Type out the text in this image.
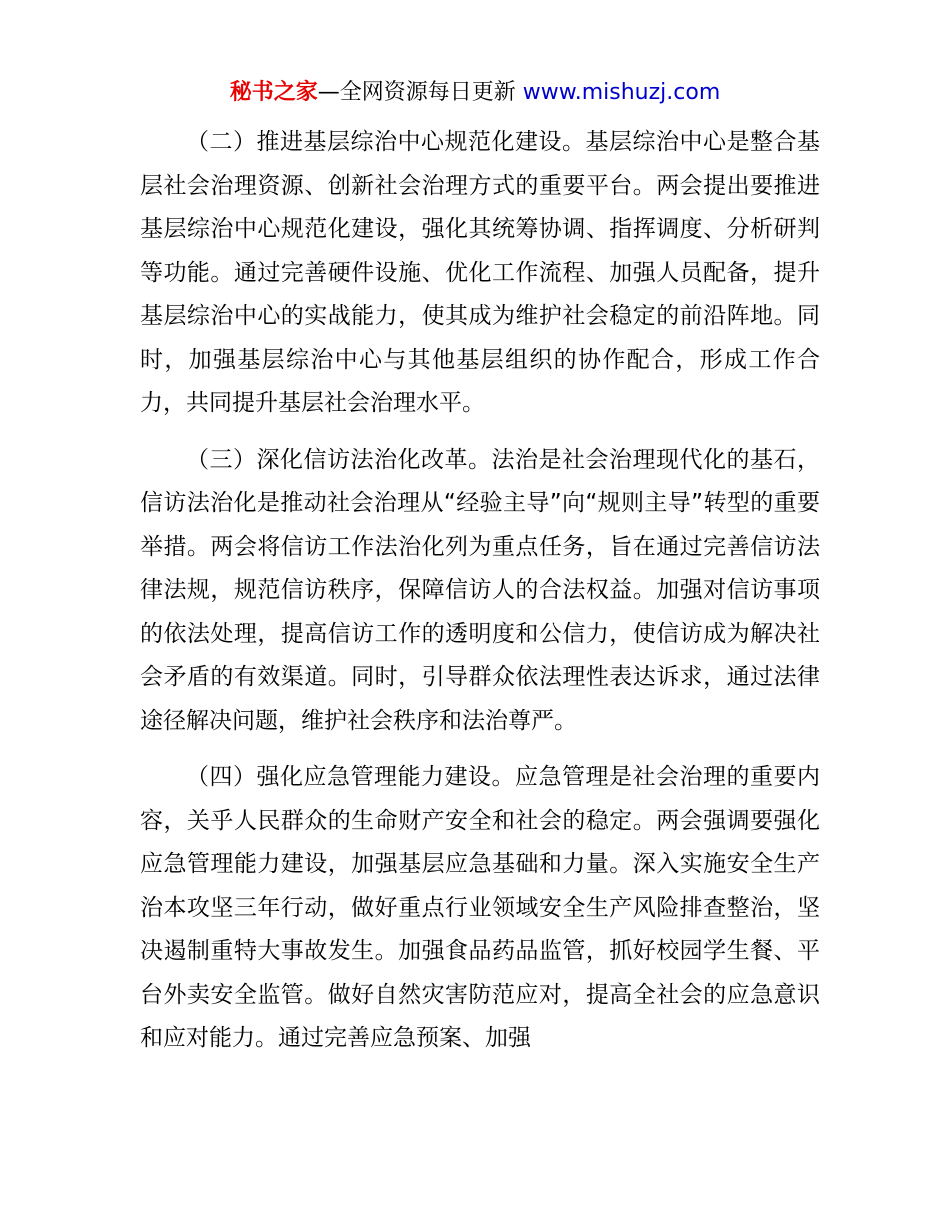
秘书之家—全网资源每日更新 www.mishuzj.com

（二）推进基层综治中心规范化建设。基层综治中心是整合基层社会治理资源、创新社会治理方式的重要平台。两会提出要推进基层综治中心规范化建设，强化其统筹协调、指挥调度、分析研判等功能。通过完善硬件设施、优化工作流程、加强人员配备，提升基层综治中心的实战能力，使其成为维护社会稳定的前沿阵地。同时，加强基层综治中心与其他基层组织的协作配合，形成工作合力，共同提升基层社会治理水平。

（三）深化信访法治化改革。法治是社会治理现代化的基石，信访法治化是推动社会治理从“经验主导”向“规则主导”转型的重要举措。两会将信访工作法治化列为重点任务，旨在通过完善信访法律法规，规范信访秩序，保障信访人的合法权益。加强对信访事项的依法处理，提高信访工作的透明度和公信力，使信访成为解决社会矛盾的有效渠道。同时，引导群众依法理性表达诉求，通过法律途径解决问题，维护社会秩序和法治尊严。

（四）强化应急管理能力建设。应急管理是社会治理的重要内容，关乎人民群众的生命财产安全和社会的稳定。两会强调要强化应急管理能力建设，加强基层应急基础和力量。深入实施安全生产治本攻坚三年行动，做好重点行业领域安全生产风险排查整治，坚决遏制重特大事故发生。加强食品药品监管，抓好校园学生餐、平台外卖安全监管。做好自然灾害防范应对，提高全社会的应急意识和应对能力。通过完善应急预案、加强
